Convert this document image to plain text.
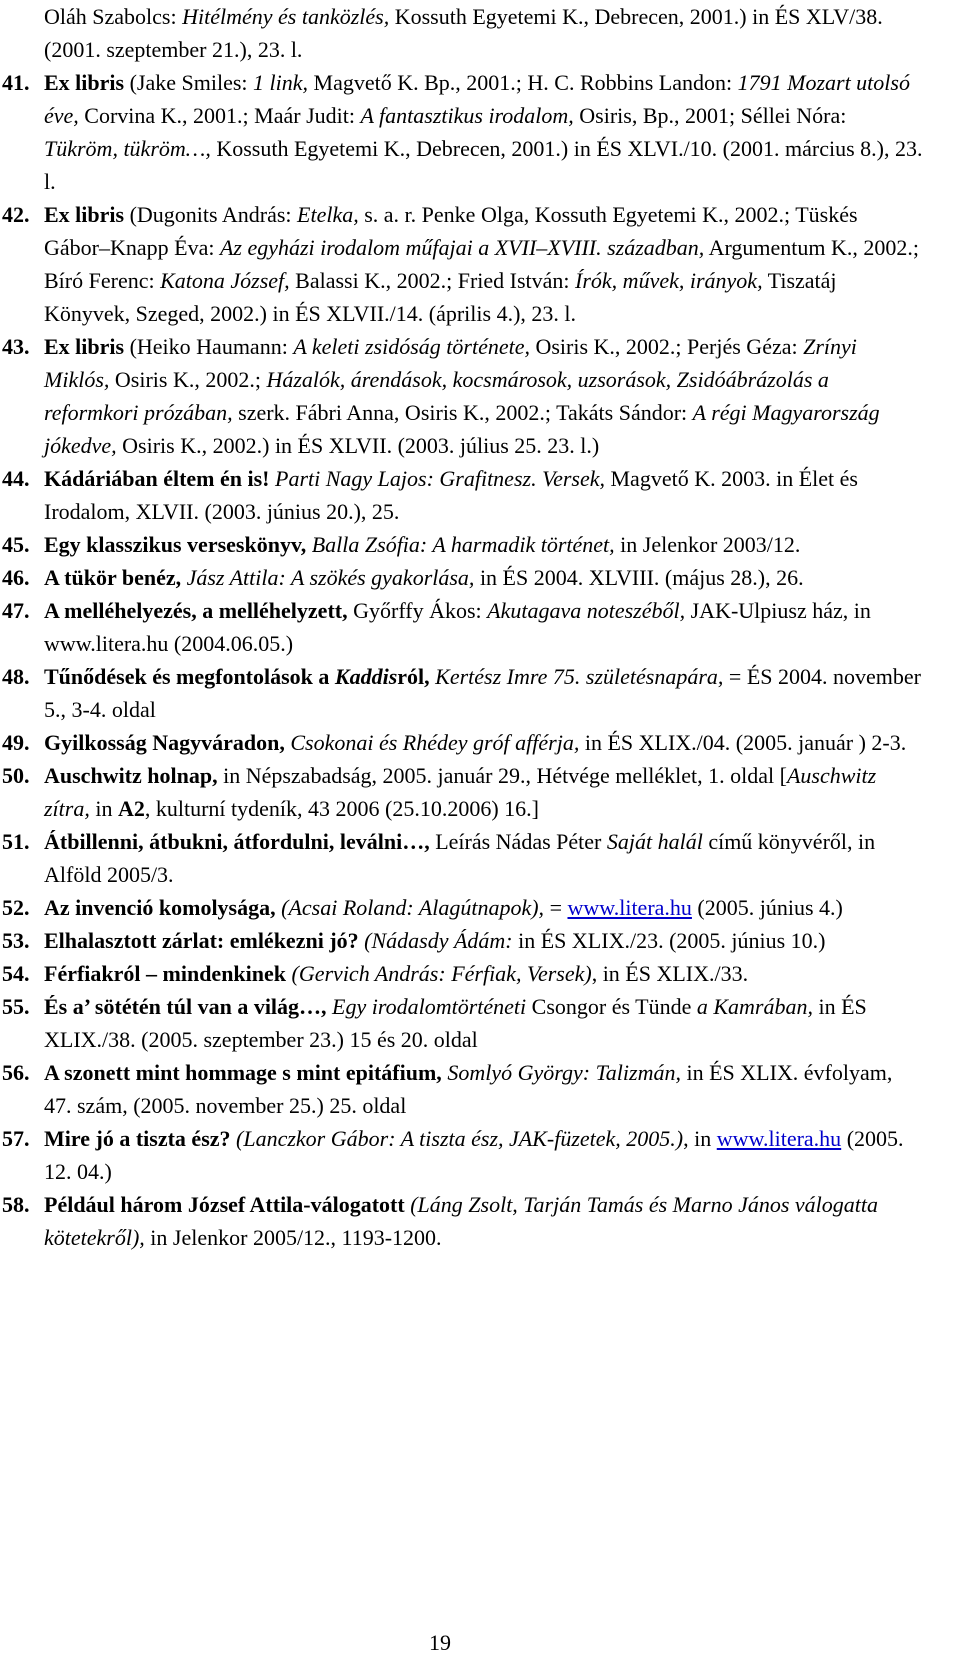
Oláh Szabolcs: Hitélmény és tanközlés, Kossuth Egyetemi K., Debrecen, 2001.) in ÉS XLV/38. (2001. szeptember 21.), 23. l.
41. Ex libris (Jake Smiles: 1 link, Magvető K. Bp., 2001.; H. C. Robbins Landon: 1791 Mozart utolsó éve, Corvina K., 2001.; Maár Judit: A fantasztikus irodalom, Osiris, Bp., 2001; Séllei Nóra: Tükröm, tükröm…, Kossuth Egyetemi K., Debrecen, 2001.) in ÉS XLVI./10. (2001. március 8.), 23. l.
42. Ex libris (Dugonits András: Etelka, s. a. r. Penke Olga, Kossuth Egyetemi K., 2002.; Tüskés Gábor–Knapp Éva: Az egyházi irodalom műfajai a XVII–XVIII. században, Argumentum K., 2002.; Bíró Ferenc: Katona József, Balassi K., 2002.; Fried István: Írók, művek, irányok, Tiszatáj Könyvek, Szeged, 2002.) in ÉS XLVII./14. (április 4.), 23. l.
43. Ex libris (Heiko Haumann: A keleti zsidóság története, Osiris K., 2002.; Perjés Géza: Zrínyi Miklós, Osiris K., 2002.; Házalók, árendások, kocsmárosok, uzsorások, Zsidóábrázolás a reformkori prózában, szerk. Fábri Anna, Osiris K., 2002.; Takáts Sándor: A régi Magyarország jókedve, Osiris K., 2002.) in ÉS XLVII. (2003. július 25. 23. l.)
44. Kádáriában éltem én is! Parti Nagy Lajos: Grafitnesz. Versek, Magvető K. 2003. in Élet és Irodalom, XLVII. (2003. június 20.), 25.
45. Egy klasszikus verseskönyv, Balla Zsófia: A harmadik történet, in Jelenkor 2003/12.
46. A tükör benéz, Jász Attila: A szökés gyakorlása, in ÉS 2004. XLVIII. (május 28.), 26.
47. A melléhelyezés, a melléhelyzett, Győrffy Ákos: Akutagava noteszéből, JAK-Ulpiusz ház, in www.litera.hu (2004.06.05.)
48. Tűnődések és megfontolások a Kaddisról, Kertész Imre 75. születésnapára, = ÉS 2004. november 5., 3-4. oldal
49. Gyilkosság Nagyváradon, Csokonai és Rhédey gróf afférja, in ÉS XLIX./04. (2005. január ) 2-3.
50. Auschwitz holnap, in Népszabadság, 2005. január 29., Hétvége melléklet, 1. oldal [Auschwitz zítra, in A2, kulturní tydeník, 43 2006 (25.10.2006) 16.]
51. Átbillenni, átbukni, átfordulni, leválni…, Leírás Nádas Péter Saját halál című könyvéről, in Alföld 2005/3.
52. Az invenció komolysága, (Acsai Roland: Alagútnapok), = www.litera.hu (2005. június 4.)
53. Elhalasztott zárlat: emlékezni jó? (Nádasdy Ádám: in ÉS XLIX./23. (2005. június 10.)
54. Férfiakról – mindenkinek (Gervich András: Férfiak, Versek), in ÉS XLIX./33.
55. És a’ sötétén túl van a világ…, Egy irodalomtörténeti Csongor és Tünde a Kamrában, in ÉS XLIX./38. (2005. szeptember 23.) 15 és 20. oldal
56. A szonett mint hommage s mint epitáfium, Somlyó György: Talizmán, in ÉS XLIX. évfolyam, 47. szám, (2005. november 25.) 25. oldal
57. Mire jó a tiszta ész? (Lanczkor Gábor: A tiszta ész, JAK-füzetek, 2005.), in www.litera.hu (2005. 12. 04.)
58. Például három József Attila-válogatott (Láng Zsolt, Tarján Tamás és Marno János válogatta kötetekről), in Jelenkor 2005/12., 1193-1200.
19
